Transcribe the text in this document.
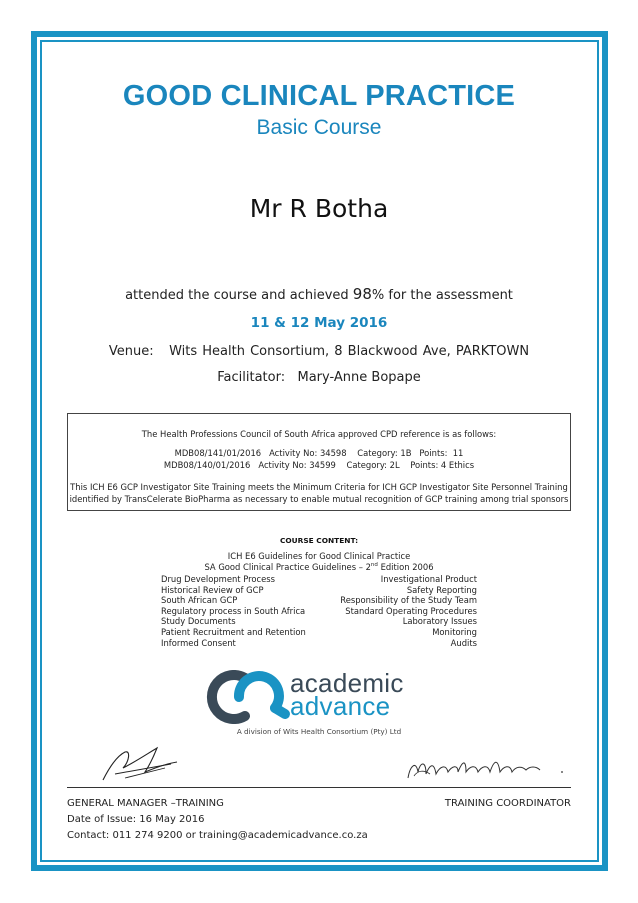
GOOD CLINICAL PRACTICE
Basic Course
Mr R Botha
attended the course and achieved 98% for the assessment
11 & 12 May 2016
Venue: Wits Health Consortium, 8 Blackwood Ave, PARKTOWN
Facilitator: Mary-Anne Bopape
The Health Professions Council of South Africa approved CPD reference is as follows:
MDB08/141/01/2016   Activity No: 34598    Category: 1B   Points:  11
MDB08/140/01/2016   Activity No: 34599    Category: 2L    Points: 4 Ethics
This ICH E6 GCP Investigator Site Training meets the Minimum Criteria for ICH GCP Investigator Site Personnel Training
identified by TransCelerate BioPharma as necessary to enable mutual recognition of GCP training among trial sponsors
COURSE CONTENT:
ICH E6 Guidelines for Good Clinical Practice
SA Good Clinical Practice Guidelines – 2nd Edition 2006
Drug Development Process	Investigational Product
Historical Review of GCP	Safety Reporting
South African GCP	Responsibility of the Study Team
Regulatory process in South Africa	Standard Operating Procedures
Study Documents	Laboratory Issues
Patient Recruitment and Retention	Monitoring
Informed Consent	Audits
academic
advance
A division of Wits Health Consortium (Pty) Ltd
GENERAL MANAGER –TRAINING	TRAINING COORDINATOR
Date of Issue: 16 May 2016
Contact: 011 274 9200 or training@academicadvance.co.za
